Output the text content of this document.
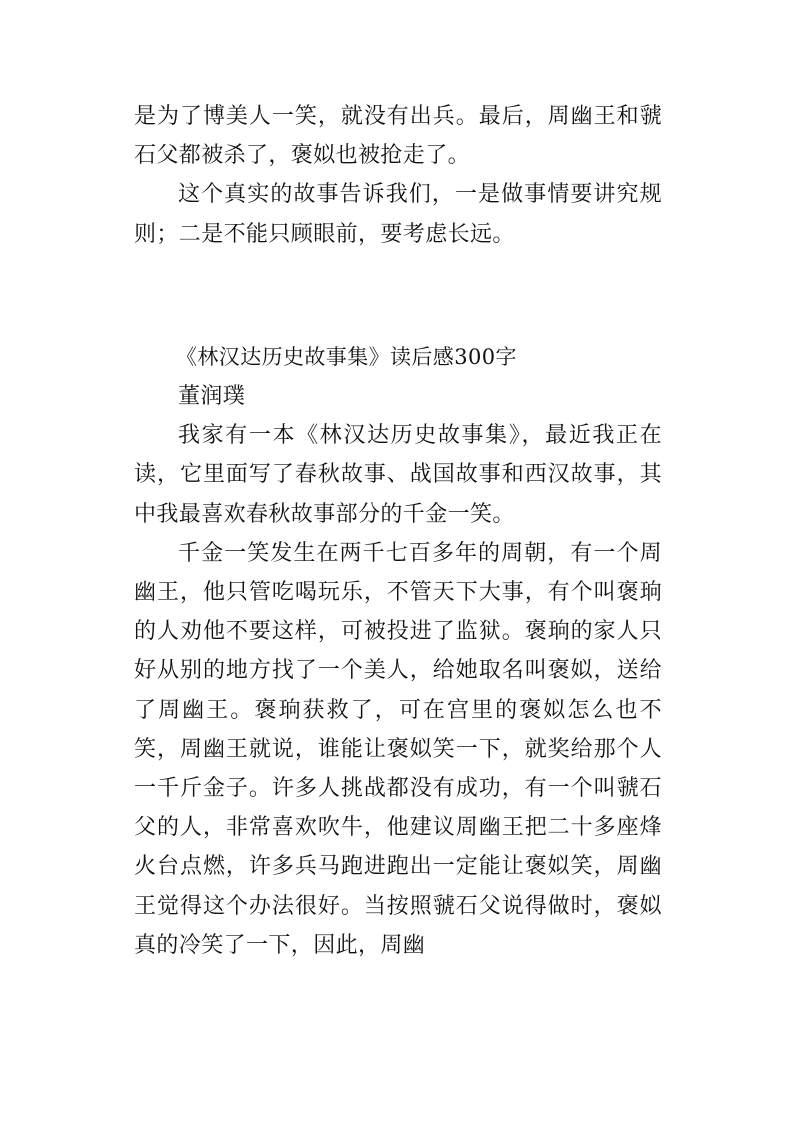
是为了博美人一笑，就没有出兵。最后，周幽王和虢石父都被杀了，褒姒也被抢走了。

这个真实的故事告诉我们，一是做事情要讲究规则；二是不能只顾眼前，要考虑长远。

《林汉达历史故事集》读后感300字

董润璞

我家有一本《林汉达历史故事集》，最近我正在读，它里面写了春秋故事、战国故事和西汉故事，其中我最喜欢春秋故事部分的千金一笑。

千金一笑发生在两千七百多年的周朝，有一个周幽王，他只管吃喝玩乐，不管天下大事，有个叫褒珦的人劝他不要这样，可被投进了监狱。褒珦的家人只好从别的地方找了一个美人，给她取名叫褒姒，送给了周幽王。褒珦获救了，可在宫里的褒姒怎么也不笑，周幽王就说，谁能让褒姒笑一下，就奖给那个人一千斤金子。许多人挑战都没有成功，有一个叫虢石父的人，非常喜欢吹牛，他建议周幽王把二十多座烽火台点燃，许多兵马跑进跑出一定能让褒姒笑，周幽王觉得这个办法很好。当按照虢石父说得做时，褒姒真的冷笑了一下，因此，周幽
